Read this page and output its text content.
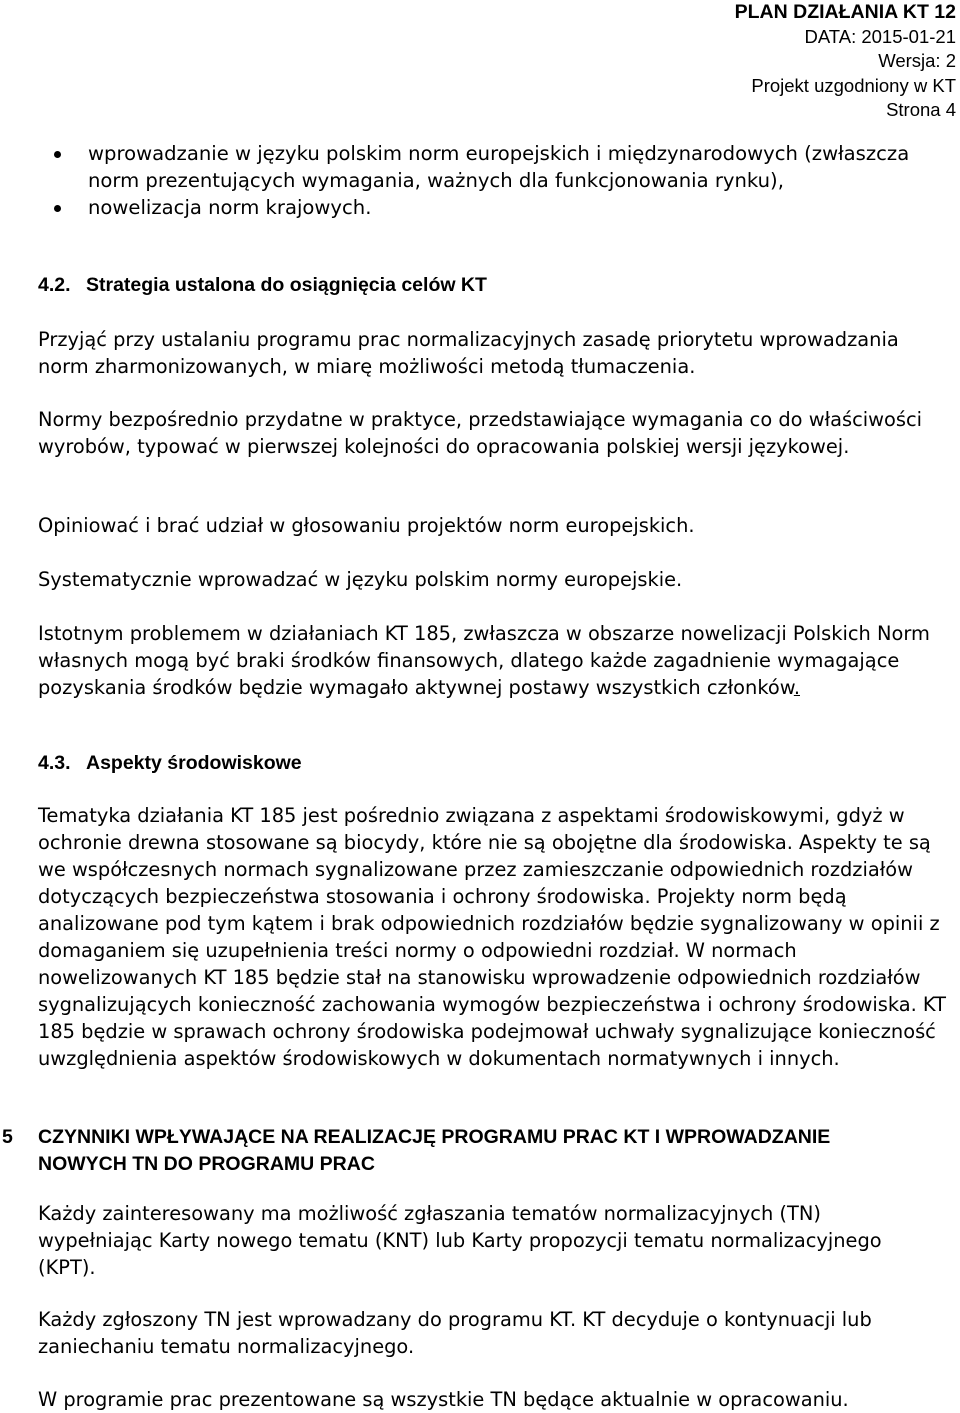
PLAN DZIAŁANIA KT 12
DATA: 2015-01-21
Wersja: 2
Projekt uzgodniony w KT
Strona 4
wprowadzanie w języku polskim norm europejskich i międzynarodowych (zwłaszcza norm prezentujących wymagania, ważnych dla funkcjonowania rynku),
nowelizacja norm krajowych.
4.2. Strategia ustalona do osiągnięcia celów KT

Przyjąć przy ustalaniu programu prac normalizacyjnych zasadę priorytetu wprowadzania norm zharmonizowanych, w miarę możliwości metodą tłumaczenia.

Normy bezpośrednio przydatne w praktyce, przedstawiające wymagania co do właściwości wyrobów, typować w pierwszej kolejności do opracowania polskiej wersji językowej.

Opiniować i brać udział w głosowaniu projektów norm europejskich.

Systematycznie wprowadzać w języku polskim normy europejskie.

Istotnym problemem w działaniach KT 185, zwłaszcza w obszarze nowelizacji Polskich Norm własnych mogą być braki środków finansowych, dlatego każde zagadnienie wymagające pozyskania środków będzie wymagało aktywnej postawy wszystkich członków.

4.3. Aspekty środowiskowe

Tematyka działania KT 185 jest pośrednio związana z aspektami środowiskowymi, gdyż w ochronie drewna stosowane są biocydy, które nie są obojętne dla środowiska. Aspekty te są we współczesnych normach sygnalizowane przez zamieszczanie odpowiednich rozdziałów dotyczących bezpieczeństwa stosowania i ochrony środowiska. Projekty norm będą analizowane pod tym kątem i brak odpowiednich rozdziałów będzie sygnalizowany w opinii z domaganiem się uzupełnienia treści normy o odpowiedni rozdział. W normach nowelizowanych KT 185 będzie stał na stanowisku wprowadzenie odpowiednich rozdziałów sygnalizujących konieczność zachowania wymogów bezpieczeństwa i ochrony środowiska. KT 185 będzie w sprawach ochrony środowiska podejmował uchwały sygnalizujące konieczność uwzględnienia aspektów środowiskowych w dokumentach normatywnych i innych.

5 CZYNNIKI WPŁYWAJĄCE NA REALIZACJĘ PROGRAMU PRAC KT I WPROWADZANIE NOWYCH TN DO PROGRAMU PRAC

Każdy zainteresowany ma możliwość zgłaszania tematów normalizacyjnych (TN) wypełniając Karty nowego tematu (KNT) lub Karty propozycji tematu normalizacyjnego (KPT).

Każdy zgłoszony TN jest wprowadzany do programu KT. KT decyduje o kontynuacji lub zaniechaniu tematu normalizacyjnego.

W programie prac prezentowane są wszystkie TN będące aktualnie w opracowaniu.
